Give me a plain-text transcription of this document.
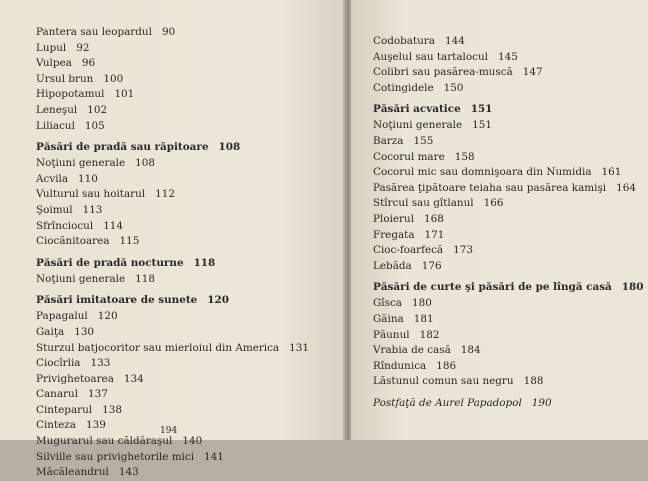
Pantera sau leopardul 90
Lupul 92
Vulpea 96
Ursul brun 100
Hipopotamul 101
Leneşul 102
Liliacul 105
Păsări de pradă sau răpitoare 108
Noţiuni generale 108
Acvila 110
Vulturul sau hoitarul 112
Şoimul 113
Sfrînciocul 114
Ciocănitoarea 115
Păsări de pradă nocturne 118
Noţiuni generale 118
Păsări imitatoare de sunete 120
Papagalul 120
Gaiţa 130
Sturzul batjocoritor sau mierloiul din America 131
Ciocîrlia 133
Privighetoarea 134
Canarul 137
Cinteparul 138
Cinteza 139
Mugurarul sau căldăraşul 140
Silviile sau privighetorile mici 141
Măcăleandrul 143
194
Codobatura 144
Auşelul sau tartalocul 145
Colibri sau pasărea-muscă 147
Cotingidele 150
Păsări acvatice 151
Noţiuni generale 151
Barza 155
Cocorul mare 158
Cocorul mic sau domnişoara din Numidia 161
Pasărea ţipătoare teiaha sau pasărea kamişi 164
Stîrcul sau gîtlanul 166
Ploierul 168
Fregata 171
Cioc-foarfecă 173
Lebăda 176
Păsări de curte şi păsări de pe lîngă casă 180
Gîsca 180
Găina 181
Păunul 182
Vrabia de casă 184
Rîndunica 186
Lăstunul comun sau negru 188
Postfaţă de Aurel Papadopol 190
